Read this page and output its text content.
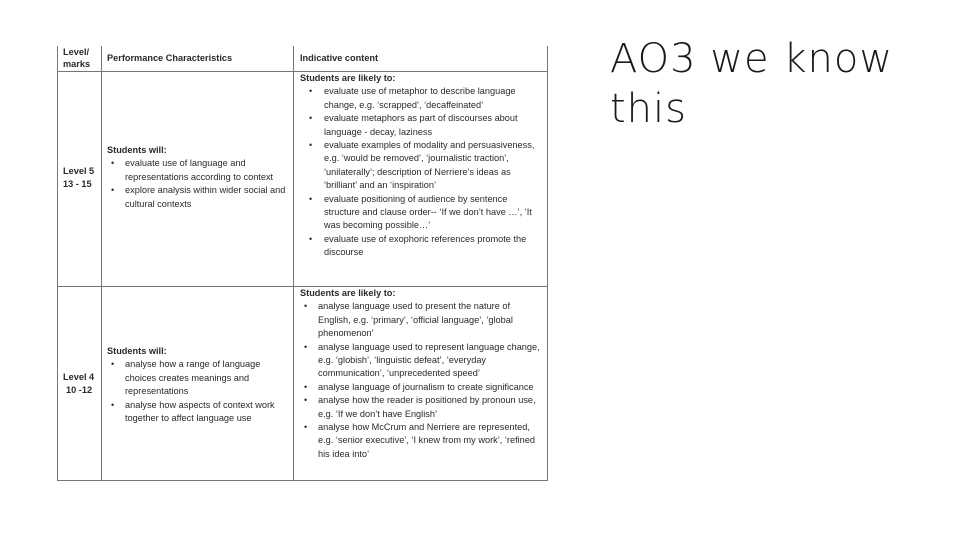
AO3 we know this
Level/ marks
Performance Characteristics	Indicative content
Level 5
13 - 15
Students will:
• evaluate use of language and representations according to context
• explore analysis within wider social and cultural contexts
Students are likely to:
• evaluate use of metaphor to describe language change, e.g. ‘scrapped’, ‘decaffeinated’
• evaluate metaphors as part of discourses about language - decay, laziness
• evaluate examples of modality and persuasiveness, e.g. ‘would be removed’, ‘journalistic traction’, ‘unilaterally’; description of Nerriere’s ideas as ‘brilliant’ and an ‘inspiration’
• evaluate positioning of audience by sentence structure and clause order-- ‘If we don’t have …’, ‘It was becoming possible…’
• evaluate use of exophoric references promote the discourse
Level 4
10 -12
Students will:
• analyse how a range of language choices creates meanings and representations
• analyse how aspects of context work together to affect language use
Students are likely to:
• analyse language used to present the nature of English, e.g. ‘primary’, ‘official language’, ‘global phenomenon’
• analyse language used to represent language change, e.g. ‘globish’, ‘linguistic defeat’, ‘everyday communication’, ‘unprecedented speed’
• analyse language of journalism to create significance
• analyse how the reader is positioned by pronoun use, e.g. ‘If we don’t have English’
• analyse how McCrum and Nerriere are represented, e.g. ‘senior executive’, ‘I knew from my work’, ‘refined his idea into’
